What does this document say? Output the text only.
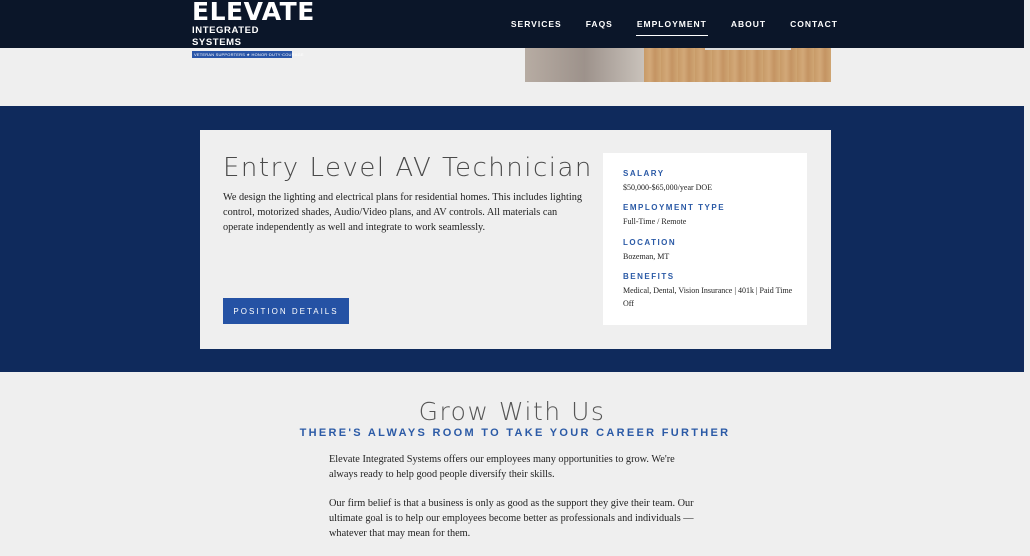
ELEVATE
INTEGRATED SYSTEMS
VETERAN SUPPORTERS ★ HONOR·DUTY·COURAGE
SERVICES	FAQS	EMPLOYMENT	ABOUT	CONTACT
Entry Level AV Technician

We design the lighting and electrical plans for residential homes. This includes lighting control, motorized shades, Audio/Video plans, and AV controls. All materials can operate independently as well and integrate to work seamlessly.

POSITION DETAILS
SALARY
$50,000-$65,000/year DOE
EMPLOYMENT TYPE
Full-Time / Remote
LOCATION
Bozeman, MT
BENEFITS
Medical, Dental, Vision Insurance | 401k | Paid Time Off
Grow With Us
THERE'S ALWAYS ROOM TO TAKE YOUR CAREER FURTHER

Elevate Integrated Systems offers our employees many opportunities to grow. We're always ready to help good people diversify their skills.

Our firm belief is that a business is only as good as the support they give their team. Our ultimate goal is to help our employees become better as professionals and individuals — whatever that may mean for them.
